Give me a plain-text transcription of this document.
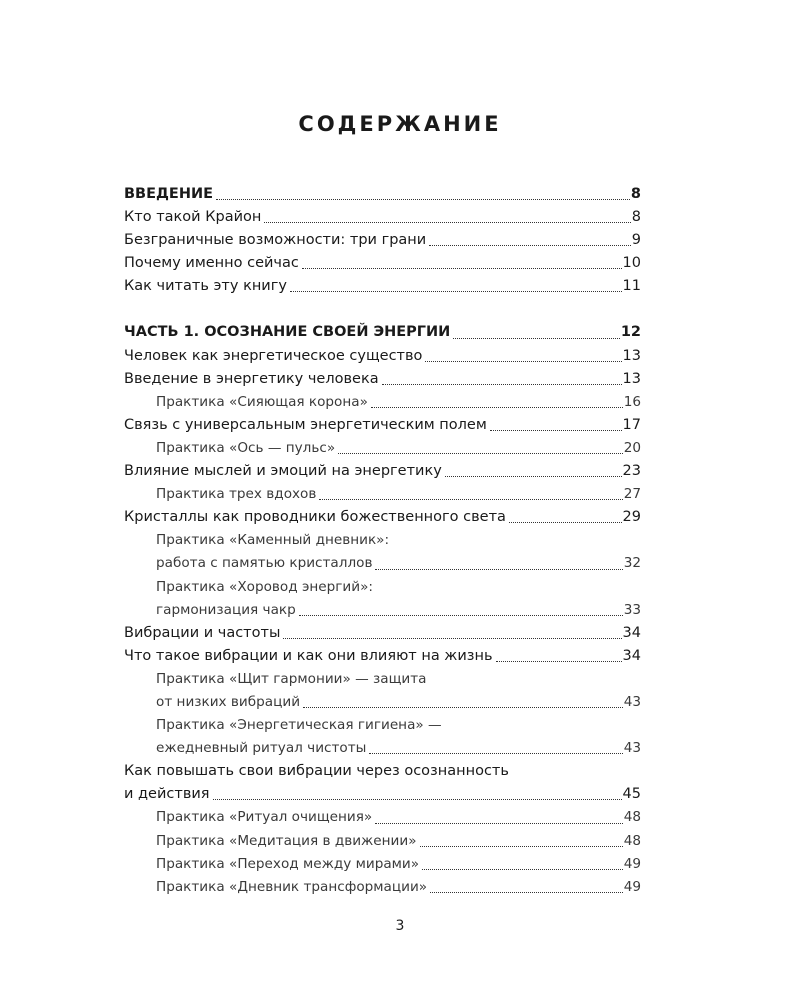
СОДЕРЖАНИЕ
ВВЕДЕНИЕ	8
Кто такой Крайон	8
Безграничные возможности: три грани	9
Почему именно сейчас	10
Как читать эту книгу	11
ЧАСТЬ 1. ОСОЗНАНИЕ СВОЕЙ ЭНЕРГИИ	12
Человек как энергетическое существо	13
Введение в энергетику человека	13
Практика «Сияющая корона»	16
Связь с универсальным энергетическим полем	17
Практика «Ось — пульс»	20
Влияние мыслей и эмоций на энергетику	23
Практика трех вдохов	27
Кристаллы как проводники божественного света	29
Практика «Каменный дневник»:
работа с памятью кристаллов	32
Практика «Хоровод энергий»:
гармонизация чакр	33
Вибрации и частоты	34
Что такое вибрации и как они влияют на жизнь	34
Практика «Щит гармонии» — защита
от низких вибраций	43
Практика «Энергетическая гигиена» —
ежедневный ритуал чистоты	43
Как повышать свои вибрации через осознанность
и действия	45
Практика «Ритуал очищения»	48
Практика «Медитация в движении»	48
Практика «Переход между мирами»	49
Практика «Дневник трансформации»	49
3
